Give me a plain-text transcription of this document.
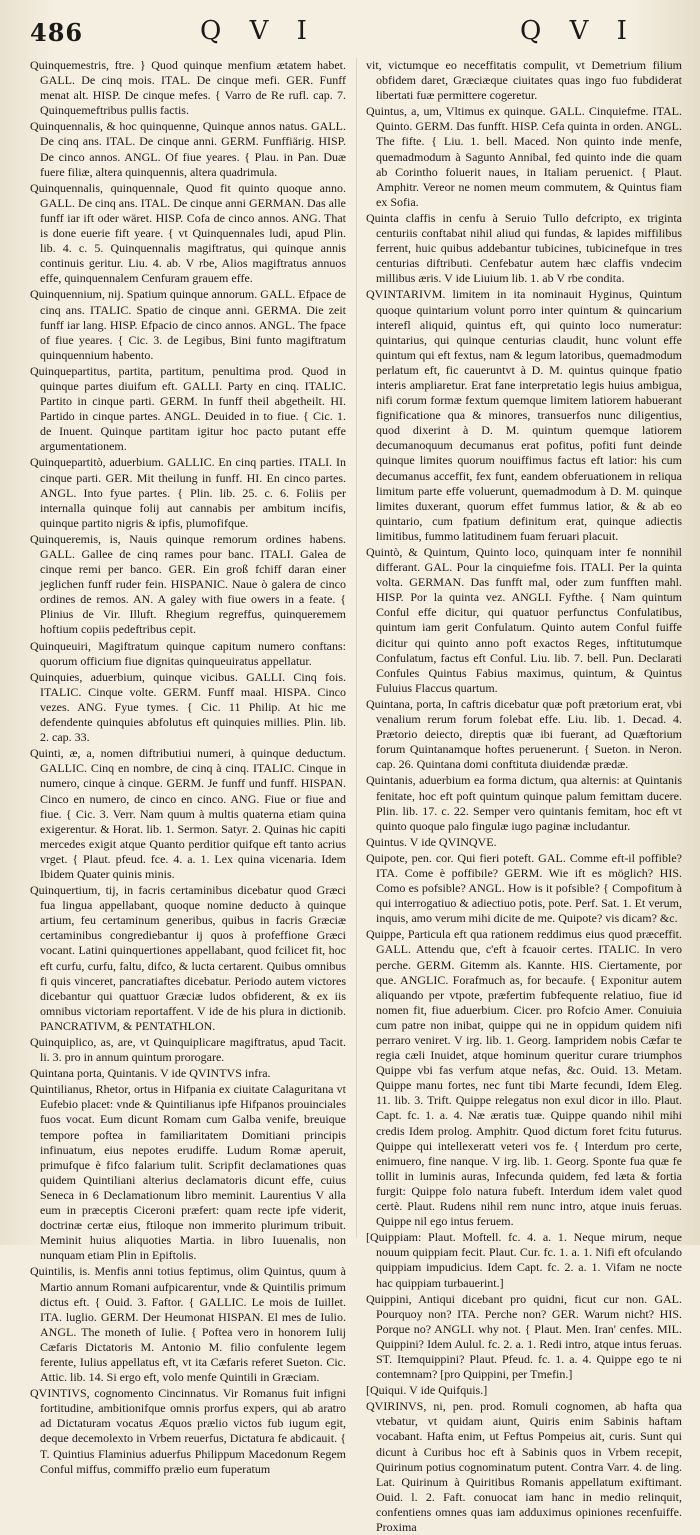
486	Q V I	Q V I

Quinquemestris, ftre. } Quod quinque menfium ætatem habet. GALL. De cinq mois. ITAL. De cinque mefi. GER. Funff menat alt. HISP. De cinque mefes. { Varro de Re rufl. cap. 7. Quinquemeftribus pullis factis.

Quinquennalis, & hoc quinquenne, Quinque annos natus. GALL. De cinq ans. ITAL. De cinque anni. GERM. Funffiärig. HISP. De cinco annos. ANGL. Of fiue yeares. { Plau. in Pan. Duæ fuere filiæ, altera quinquennis, altera quadrimula.

Quinquennalis, quinquennale, Quod fit quinto quoque anno. GALL. De cinq ans. ITAL. De cinque anni GERMAN. Das alle funff iar ift oder wäret. HISP. Cofa de cinco annos. ANG. That is done euerie fift yeare. { vt Quinquennales ludi, apud Plin. lib. 4. c. 5. Quinquennalis magiftratus, qui quinque annis continuis geritur. Liu. 4. ab. V rbe, Alios magiftratus annuos effe, quinquennalem Cenfuram grauem effe.

Quinquennium, nij. Spatium quinque annorum. GALL. Efpace de cinq ans. ITALIC. Spatio de cinque anni. GERMA. Die zeit funff iar lang. HISP. Efpacio de cinco annos. ANGL. The fpace of fiue yeares. { Cic. 3. de Legibus, Bini funto magiftratum quinquennium habento.

Quinquepartitus, partita, partitum, penultima prod. Quod in quinque partes diuifum eft. GALLI. Party en cinq. ITALIC. Partito in cinque parti. GERM. In funff theil abgetheilt. HI. Partido in cinque partes. ANGL. Deuided in to fiue. { Cic. 1. de Inuent. Quinque partitam igitur hoc pacto putant effe argumentationem.

Quinquepartitò, aduerbium. GALLIC. En cinq parties. ITALI. In cinque parti. GER. Mit theilung in funff. HI. En cinco partes. ANGL. Into fyue partes. { Plin. lib. 25. c. 6. Foliis per internalla quinque folij aut cannabis per ambitum incifis, quinque partito nigris & ipfis, plumofifque.

Quinqueremis, is, Nauis quinque remorum ordines habens. GALL. Gallee de cinq rames pour banc. ITALI. Galea de cinque remi per banco. GER. Ein groß fchiff daran einer jeglichen funff ruder fein. HISPANIC. Naue ò galera de cinco ordines de remos. AN. A galey with fiue owers in a feate. { Plinius de Vir. Illuft. Rhegium regreffus, quinqueremem hoftium copiis pedeftribus cepit.

Quinqueuiri, Magiftratum quinque capitum numero conftans: quorum officium fiue dignitas quinqueuiratus appellatur.

Quinquies, aduerbium, quinque vicibus. GALLI. Cinq fois. ITALIC. Cinque volte. GERM. Funff maal. HISPA. Cinco vezes. ANG. Fyue tymes. { Cic. 11 Philip. At hic me defendente quinquies abfolutus eft quinquies millies. Plin. lib. 2. cap. 33.

Quinti, æ, a, nomen diftributiui numeri, à quinque deductum. GALLIC. Cinq en nombre, de cinq à cinq. ITALIC. Cinque in numero, cinque à cinque. GERM. Je funff und funff. HISPAN. Cinco en numero, de cinco en cinco. ANG. Fiue or fiue and fiue. { Cic. 3. Verr. Nam quum à multis quaterna etiam quina exigerentur. & Horat. lib. 1. Sermon. Satyr. 2. Quinas hic capiti mercedes exigit atque Quanto perditior quifque eft tanto acrius vrget. { Plaut. pfeud. fce. 4. a. 1. Lex quina vicenaria. Idem Ibidem Quater quinis minis.

Quinquertium, tij, in facris certaminibus dicebatur quod Græci fua lingua appellabant, quoque nomine deducto à quinque artium, feu certaminum generibus, quibus in facris Græciæ certaminibus congrediebantur ij quos à profeffione Græci vocant. Latini quinquertiones appellabant, quod fcilicet fit, hoc eft curfu, curfu, faltu, difco, & lucta certarent. Quibus omnibus fi quis vinceret, pancratiaftes dicebatur. Periodo autem victores dicebantur qui quattuor Græciæ ludos obfiderent, & ex iis omnibus victoriam reportaffent. V ide de his plura in dictionib. PANCRATIVM, & PENTATHLON.

Quinquiplico, as, are, vt Quinquiplicare magiftratus, apud Tacit. li. 3. pro in annum quintum prorogare.

Quintana porta, Quintanis. V ide QVINTVS infra.

Quintilianus, Rhetor, ortus in Hifpania ex ciuitate Calaguritana vt Eufebio placet: vnde & Quintilianus ipfe Hifpanos prouinciales fuos vocat. Eum dicunt Romam cum Galba venife, breuique tempore poftea in familiaritatem Domitiani principis infinuatum, eius nepotes erudiffe. Ludum Romæ aperuit, primufque è fifco falarium tulit. Scripfit declamationes quas quidem Quintiliani alterius declamatoris dicunt effe, cuius Seneca in 6 Declamationum libro meminit. Laurentius V alla eum in præceptis Ciceroni præfert: quam recte ipfe viderit, doctrinæ certæ eius, ftiloque non immerito plurimum tribuit. Meminit huius aliquoties Martia. in libro Iuuenalis, non nunquam etiam Plin in Epiftolis.

Quintilis, is. Menfis anni totius feptimus, olim Quintus, quum à Martio annum Romani aufpicarentur, vnde & Quintilis primum dictus eft. { Ouid. 3. Faftor. { GALLIC. Le mois de Iuillet. ITA. luglio. GERM. Der Heumonat HISPAN. El mes de Iulio. ANGL. The moneth of Iulie. { Poftea vero in honorem Iulij Cæfaris Dictatoris M. Antonio M. filio confulente legem ferente, Iulius appellatus eft, vt ita Cæfaris referet Sueton. Cic. Attic. lib. 14. Si ergo eft, volo menfe Quintili in Græciam.

QVINTIVS, cognomento Cincinnatus. Vir Romanus fuit infigni fortitudine, ambitionifque omnis prorfus expers, qui ab aratro ad Dictaturam vocatus Æquos prælio victos fub iugum egit, deque decemolexto in Vrbem reuerfus, Dictatura fe abdicauit. { T. Quintius Flaminius aduerfus Philippum Macedonum Regem Conful miffus, commiffo prælio eum fuperatum

vit, victumque eo neceffitatis compulit, vt Demetrium filium obfidem daret, Græciæque ciuitates quas ingo fuo fubdiderat libertati fuæ permittere cogeretur.

Quintus, a, um, Vltimus ex quinque. GALL. Cinquiefme. ITAL. Quinto. GERM. Das funfft. HISP. Cefa quinta in orden. ANGL. The fifte. { Liu. 1. bell. Maced. Non quinto inde menfe, quemadmodum à Sagunto Annibal, fed quinto inde die quam ab Corintho foluerit naues, in Italiam peruenict. { Plaut. Amphitr. Vereor ne nomen meum commutem, & Quintus fiam ex Sofia.

Quinta claffis in cenfu à Seruio Tullo defcripto, ex triginta centuriis conftabat nihil aliud qui fundas, & lapides miffilibus ferrent, huic quibus addebantur tubicines, tubicinefque in tres centurias diftributi. Cenfebatur autem hæc claffis vndecim millibus æris. V ide Liuium lib. 1. ab V rbe condita.

QVINTARIVM. limitem in ita nominauit Hyginus, Quintum quoque quintarium volunt porro inter quintum & quincarium interefl aliquid, quintus eft, qui quinto loco numeratur: quintarius, qui quinque centurias claudit, hunc volunt effe quintum qui eft fextus, nam & legum latoribus, quemadmodum perlatum eft, fic caueruntvt à D. M. quintus quinque fpatio interis ampliaretur. Erat fane interpretatio legis huius ambigua, nifi corum formæ fextum quemque limitem latiorem habuerant fignificatione qua & minores, transuerfos nunc diligentius, quod dixerint à D. M. quintum quemque latiorem decumanoquum decumanus erat pofitus, pofiti funt deinde quinque limites quorum nouiffimus factus eft latior: his cum decumanus acceffit, fex funt, eandem obferuationem in reliqua limitum parte effe voluerunt, quemadmodum à D. M. quinque limites duxerant, quorum effet fummus latior, & & ab eo quintario, cum fpatium definitum erat, quinque adiectis limitibus, fummo latitudinem fuam feruari placuit.

Quintò, & Quintum, Quinto loco, quinquam inter fe nonnihil differant. GAL. Pour la cinquiefme fois. ITALI. Per la quinta volta. GERMAN. Das funfft mal, oder zum funfften mahl. HISP. Por la quinta vez. ANGLI. Fyfthe. { Nam quintum Conful effe dicitur, qui quatuor perfunctus Confulatibus, quintum iam gerit Confulatum. Quinto autem Conful fuiffe dicitur qui quinto anno poft exactos Reges, inftitutumque Confulatum, factus eft Conful. Liu. lib. 7. bell. Pun. Declarati Confules Quintus Fabius maximus, quintum, & Quintus Fuluius Flaccus quartum.

Quintana, porta, In caftris dicebatur quæ poft prætorium erat, vbi venalium rerum forum folebat effe. Liu. lib. 1. Decad. 4. Prætorio deiecto, direptis quæ ibi fuerant, ad Quæftorium forum Quintanamque hoftes peruenerunt. { Sueton. in Neron. cap. 26. Quintana domi conftituta diuidendæ prædæ.

Quintanis, aduerbium ea forma dictum, qua alternis: at Quintanis fenitate, hoc eft poft quintum quinque palum femittam ducere. Plin. lib. 17. c. 22. Semper vero quintanis femitam, hoc eft vt quinto quoque palo fingulæ iugo paginæ includantur.

Quintus. V ide QVINQVE.

Quipote, pen. cor. Qui fieri poteft. GAL. Comme eft-il poffible? ITA. Come è poffibile? GERM. Wie ift es möglich? HIS. Como es pofsible? ANGL. How is it pofsible? { Compofitum à qui interrogatiuo & adiectiuo potis, pote. Perf. Sat. 1. Et verum, inquis, amo verum mihi dicite de me. Quipote? vis dicam? &c.

Quippe, Particula eft qua rationem reddimus eius quod præceffit. GALL. Attendu que, c'eft à fcauoir certes. ITALIC. In vero perche. GERM. Gitemm als. Kannte. HIS. Ciertamente, por que. ANGLIC. Forafmuch as, for becaufe. { Exponitur autem aliquando per vtpote, præfertim fubfequente relatiuo, fiue id nomen fit, fiue aduerbium. Cicer. pro Rofcio Amer. Conuiuia cum patre non inibat, quippe qui ne in oppidum quidem nifi perraro veniret. V irg. lib. 1. Georg. Iampridem nobis Cæfar te regia cæli Inuidet, atque hominum queritur curare triumphos Quippe vbi fas verfum atque nefas, &c. Ouid. 13. Metam. Quippe manu fortes, nec funt tibi Marte fecundi, Idem Eleg. 11. lib. 3. Trift. Quippe relegatus non exul dicor in illo. Plaut. Capt. fc. 1. a. 4. Næ æratis tuæ. Quippe quando nihil mihi credis Idem prolog. Amphitr. Quod dictum foret fcitu futurus. Quippe qui intellexeratt veteri vos fe. { Interdum pro certe, enimuero, fine nanque. V irg. lib. 1. Georg. Sponte fua quæ fe tollit in luminis auras, Infecunda quidem, fed læta & fortia furgit: Quippe folo natura fubeft. Interdum idem valet quod certè. Plaut. Rudens nihil rem nunc intro, atque inuis feruas. Quippe nil ego intus feruem.

[Quippiam: Plaut. Moftell. fc. 4. a. 1. Neque mirum, neque nouum quippiam fecit. Plaut. Cur. fc. 1. a. 1. Nifi eft ofculando quippiam impudicius. Idem Capt. fc. 2. a. 1. Vifam ne nocte hac quippiam turbauerint.]

Quippini, Antiqui dicebant pro quidni, ficut cur non. GAL. Pourquoy non? ITA. Perche non? GER. Warum nicht? HIS. Porque no? ANGLI. why not. { Plaut. Men. Iran' cenfes. MIL. Quippini? Idem Aulul. fc. 2. a. 1. Redi intro, atque intus feruas. ST. Itemquippini? Plaut. Pfeud. fc. 1. a. 4. Quippe ego te ni contemnam? [pro Quippini, per Tmefin.]

[Quiqui. V ide Quifquis.]

QVIRINVS, ni, pen. prod. Romuli cognomen, ab hafta qua vtebatur, vt quidam aiunt, Quiris enim Sabinis haftam vocabant. Hafta enim, ut Feftus Pompeius ait, curis. Sunt qui dicunt à Curibus hoc eft à Sabinis quos in Vrbem recepit, Quirinum potius cognominatum putent. Contra Varr. 4. de ling. Lat. Quirinum à Quiritibus Romanis appellatum exiftimant. Ouid. l. 2. Faft. conuocat iam hanc in medio relinquit, confentiens omnes quas iam adduximus opiniones recenfuiffe. Proxima
